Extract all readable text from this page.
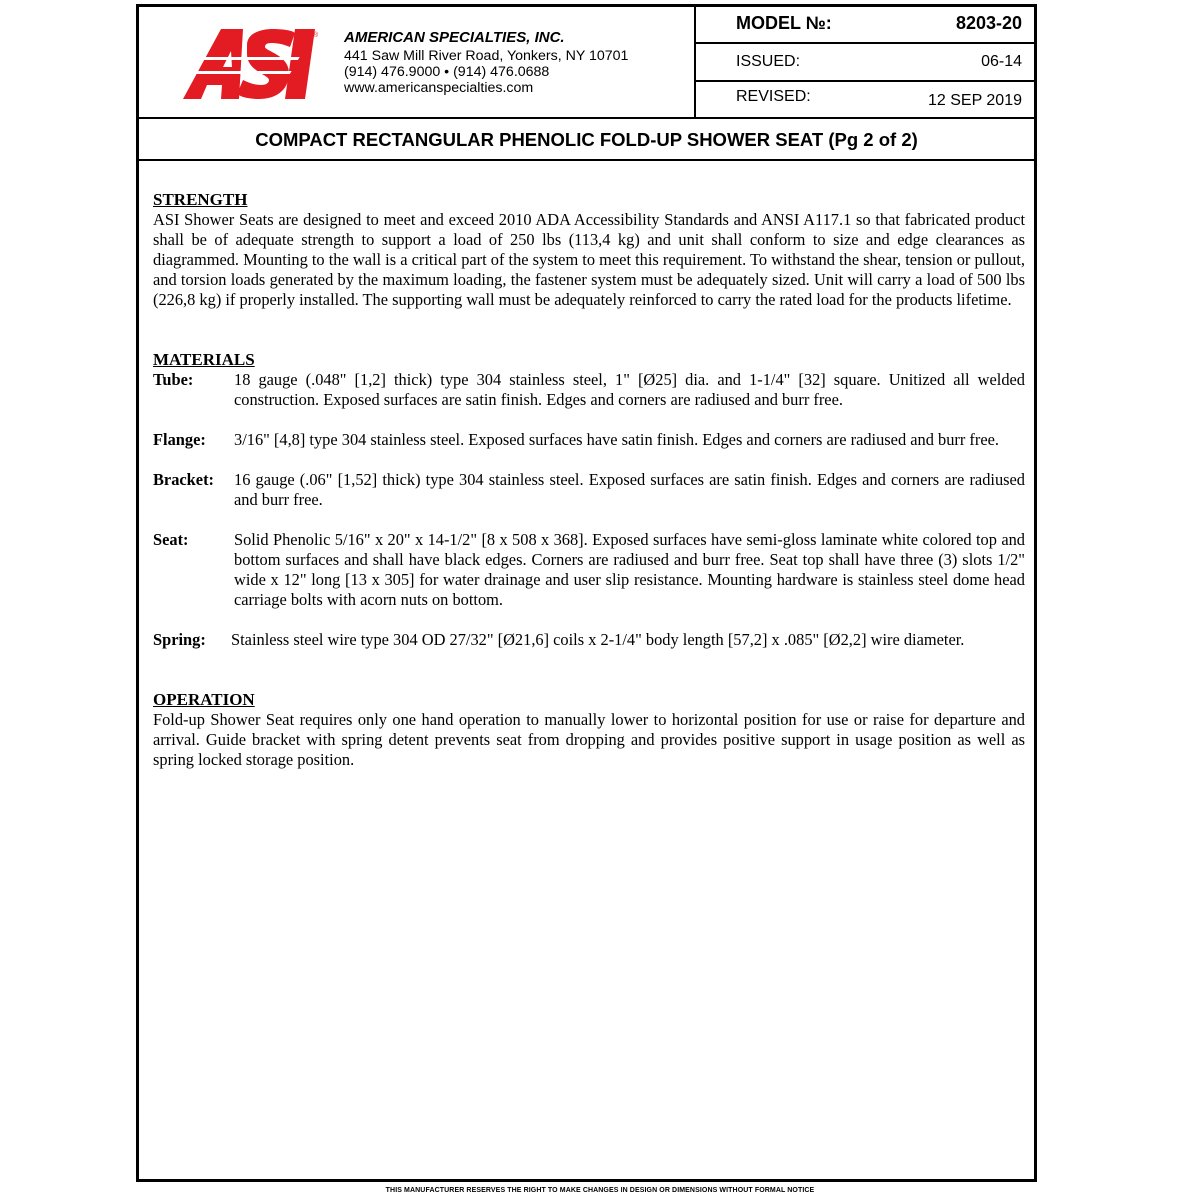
® AMERICAN SPECIALTIES, INC.
441 Saw Mill River Road, Yonkers, NY 10701
(914) 476.9000 • (914) 476.0688
www.americanspecialties.com
MODEL №:	8203-20
ISSUED:	06-14
REVISED:	12 SEP 2019
COMPACT RECTANGULAR PHENOLIC FOLD-UP SHOWER SEAT (Pg 2 of 2)
STRENGTH
ASI Shower Seats are designed to meet and exceed 2010 ADA Accessibility Standards and ANSI A117.1 so that fabricated product shall be of adequate strength to support a load of 250 lbs (113,4 kg) and unit shall conform to size and edge clearances as diagrammed. Mounting to the wall is a critical part of the system to meet this requirement. To withstand the shear, tension or pullout, and torsion loads generated by the maximum loading, the fastener system must be adequately sized. Unit will carry a load of 500 lbs (226,8 kg) if properly installed. The supporting wall must be adequately reinforced to carry the rated load for the products lifetime.
MATERIALS
Tube:	18 gauge (.048" [1,2] thick) type 304 stainless steel, 1" [Ø25] dia. and 1-1/4" [32] square. Unitized all welded construction. Exposed surfaces are satin finish. Edges and corners are radiused and burr free.
Flange:	3/16" [4,8] type 304 stainless steel. Exposed surfaces have satin finish. Edges and corners are radiused and burr free.
Bracket:	16 gauge (.06" [1,52] thick) type 304 stainless steel. Exposed surfaces are satin finish. Edges and corners are radiused and burr free.
Seat:	Solid Phenolic 5/16" x 20" x 14-1/2" [8 x 508 x 368]. Exposed surfaces have semi-gloss laminate white colored top and bottom surfaces and shall have black edges. Corners are radiused and burr free. Seat top shall have three (3) slots 1/2" wide x 12" long [13 x 305] for water drainage and user slip resistance. Mounting hardware is stainless steel dome head carriage bolts with acorn nuts on bottom.
Spring:	Stainless steel wire type 304 OD 27/32" [Ø21,6] coils x 2-1/4" body length [57,2] x .085" [Ø2,2] wire diameter.
OPERATION
Fold-up Shower Seat requires only one hand operation to manually lower to horizontal position for use or raise for departure and arrival. Guide bracket with spring detent prevents seat from dropping and provides positive support in usage position as well as spring locked storage position.
THIS MANUFACTURER RESERVES THE RIGHT TO MAKE CHANGES IN DESIGN OR DIMENSIONS WITHOUT FORMAL NOTICE
